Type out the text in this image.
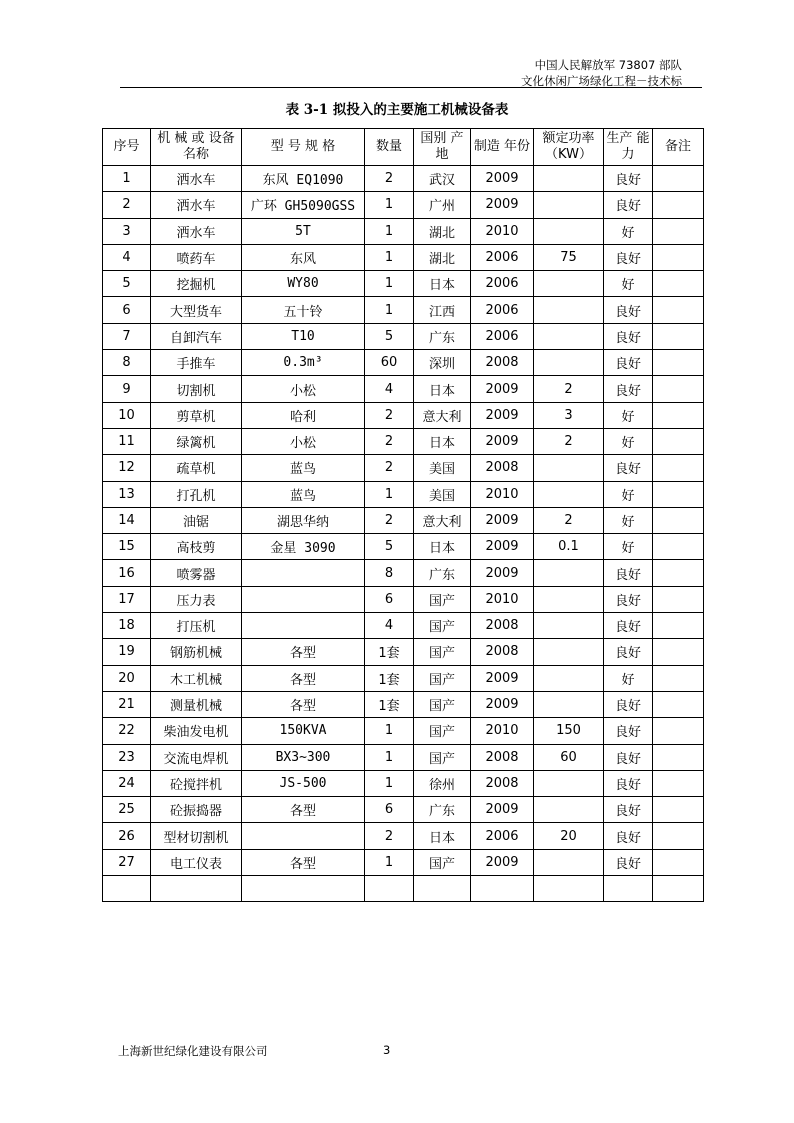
中国人民解放军 73807 部队
文化休闲广场绿化工程－技术标
表 3-1 拟投入的主要施工机械设备表
序号	机 械 或 设备名称	型 号 规 格	数量	国别 产地	制造 年份	额定功率 （KW）	生产 能力	备注
1	洒水车	东风 EQ1090	2	武汉	2009		良好	
2	洒水车	广环 GH5090GSS	1	广州	2009		良好	
3	洒水车	5T	1	湖北	2010		好	
4	喷药车	东风	1	湖北	2006	75	良好	
5	挖掘机	WY80	1	日本	2006		好	
6	大型货车	五十铃	1	江西	2006		良好	
7	自卸汽车	T10	5	广东	2006		良好	
8	手推车	0.3m³	60	深圳	2008		良好	
9	切割机	小松	4	日本	2009	2	良好	
10	剪草机	哈利	2	意大利	2009	3	好	
11	绿篱机	小松	2	日本	2009	2	好	
12	疏草机	蓝鸟	2	美国	2008		良好	
13	打孔机	蓝鸟	1	美国	2010		好	
14	油锯	湖思华纳	2	意大利	2009	2	好	
15	高枝剪	金星 3090	5	日本	2009	0.1	好	
16	喷雾器		8	广东	2009		良好	
17	压力表		6	国产	2010		良好	
18	打压机		4	国产	2008		良好	
19	钢筋机械	各型	1套	国产	2008		良好	
20	木工机械	各型	1套	国产	2009		好	
21	测量机械	各型	1套	国产	2009		良好	
22	柴油发电机	150KVA	1	国产	2010	150	良好	
23	交流电焊机	BX3~300	1	国产	2008	60	良好	
24	砼搅拌机	JS-500	1	徐州	2008		良好	
25	砼振捣器	各型	6	广东	2009		良好	
26	型材切割机		2	日本	2006	20	良好	
27	电工仪表	各型	1	国产	2009		良好	

上海新世纪绿化建设有限公司	3
